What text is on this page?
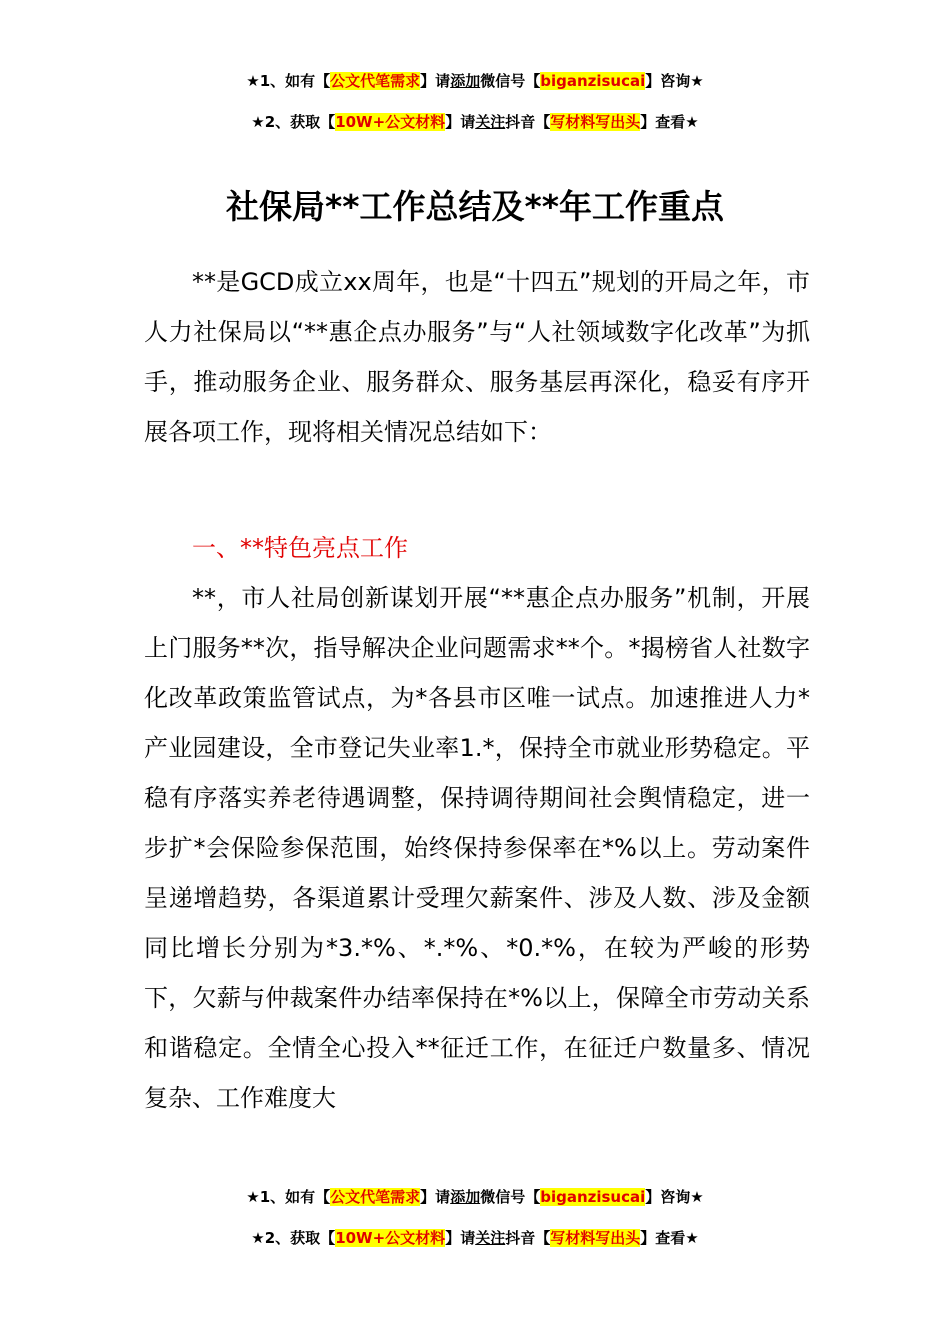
★1、如有【公文代笔需求】请添加微信号【biganzisucai】咨询★
★2、获取【10W+公文材料】请关注抖音【写材料写出头】查看★
社保局**工作总结及**年工作重点

**是GCD成立xx周年，也是“十四五”规划的开局之年，市人力社保局以“**惠企点办服务”与“人社领域数字化改革”为抓手，推动服务企业、服务群众、服务基层再深化，稳妥有序开展各项工作，现将相关情况总结如下：

一、**特色亮点工作

**，市人社局创新谋划开展“**惠企点办服务”机制，开展上门服务**次，指导解决企业问题需求**个。*揭榜省人社数字化改革政策监管试点，为*各县市区唯一试点。加速推进人力*产业园建设，全市登记失业率1.*，保持全市就业形势稳定。平稳有序落实养老待遇调整，保持调待期间社会舆情稳定，进一步扩*会保险参保范围，始终保持参保率在*%以上。劳动案件呈递增趋势，各渠道累计受理欠薪案件、涉及人数、涉及金额同比增长分别为*3.*%、*.*%、*0.*%，在较为严峻的形势下，欠薪与仲裁案件办结率保持在*%以上，保障全市劳动关系和谐稳定。全情全心投入**征迁工作，在征迁户数量多、情况复杂、工作难度大

★1、如有【公文代笔需求】请添加微信号【biganzisucai】咨询★
★2、获取【10W+公文材料】请关注抖音【写材料写出头】查看★
